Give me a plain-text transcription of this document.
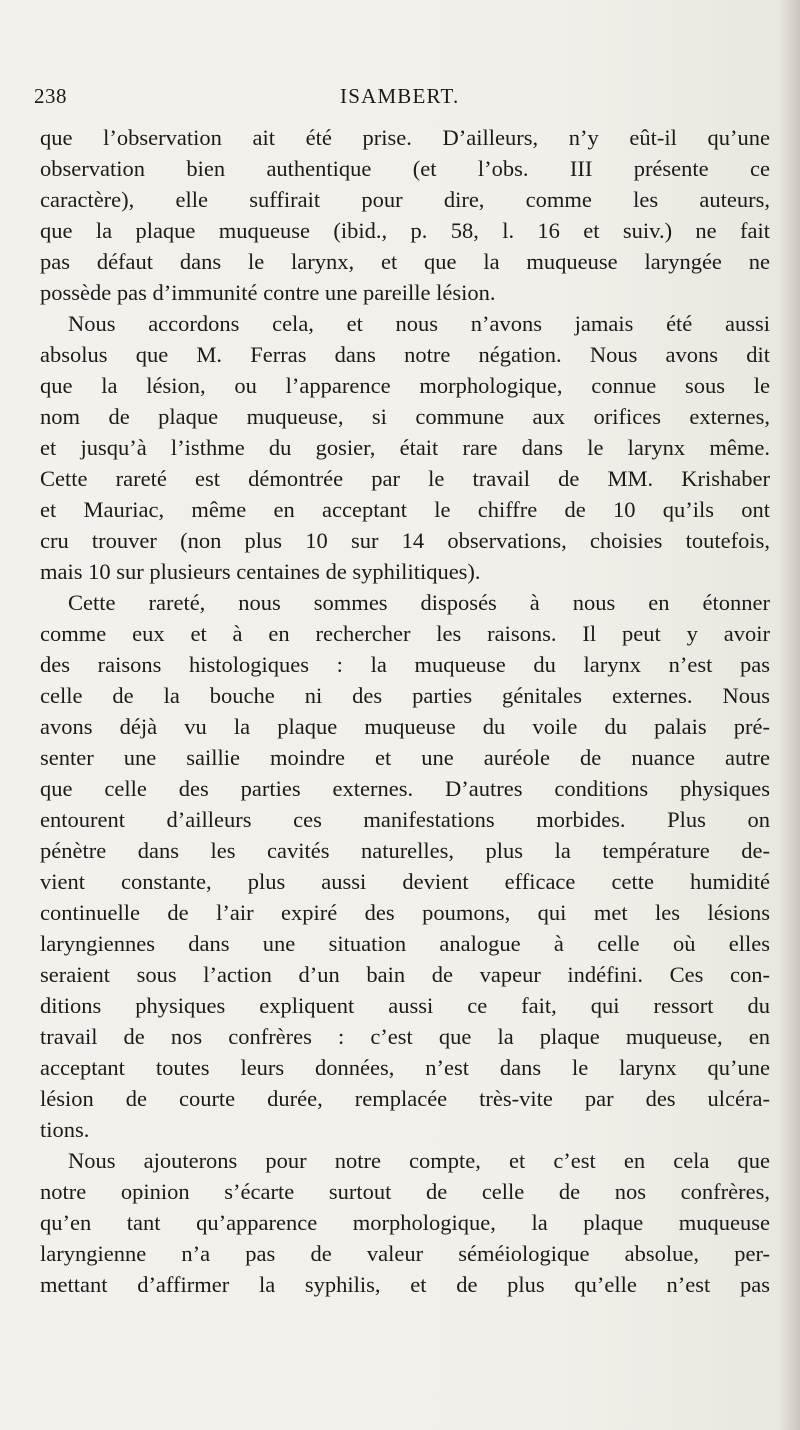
238	ISAMBERT.
que l’observation ait été prise. D’ailleurs, n’y eût-il qu’une
observation bien authentique (et l’obs. III présente ce
caractère), elle suffirait pour dire, comme les auteurs,
que la plaque muqueuse (ibid., p. 58, l. 16 et suiv.) ne fait
pas défaut dans le larynx, et que la muqueuse laryngée ne
possède pas d’immunité contre une pareille lésion.
Nous accordons cela, et nous n’avons jamais été aussi
absolus que M. Ferras dans notre négation. Nous avons dit
que la lésion, ou l’apparence morphologique, connue sous le
nom de plaque muqueuse, si commune aux orifices externes,
et jusqu’à l’isthme du gosier, était rare dans le larynx même.
Cette rareté est démontrée par le travail de MM. Krishaber
et Mauriac, même en acceptant le chiffre de 10 qu’ils ont
cru trouver (non plus 10 sur 14 observations, choisies toutefois,
mais 10 sur plusieurs centaines de syphilitiques).
Cette rareté, nous sommes disposés à nous en étonner
comme eux et à en rechercher les raisons. Il peut y avoir
des raisons histologiques : la muqueuse du larynx n’est pas
celle de la bouche ni des parties génitales externes. Nous
avons déjà vu la plaque muqueuse du voile du palais pré-
senter une saillie moindre et une auréole de nuance autre
que celle des parties externes. D’autres conditions physiques
entourent d’ailleurs ces manifestations morbides. Plus on
pénètre dans les cavités naturelles, plus la température de-
vient constante, plus aussi devient efficace cette humidité
continuelle de l’air expiré des poumons, qui met les lésions
laryngiennes dans une situation analogue à celle où elles
seraient sous l’action d’un bain de vapeur indéfini. Ces con-
ditions physiques expliquent aussi ce fait, qui ressort du
travail de nos confrères : c’est que la plaque muqueuse, en
acceptant toutes leurs données, n’est dans le larynx qu’une
lésion de courte durée, remplacée très-vite par des ulcéra-
tions.
Nous ajouterons pour notre compte, et c’est en cela que
notre opinion s’écarte surtout de celle de nos confrères,
qu’en tant qu’apparence morphologique, la plaque muqueuse
laryngienne n’a pas de valeur séméiologique absolue, per-
mettant d’affirmer la syphilis, et de plus qu’elle n’est pas
